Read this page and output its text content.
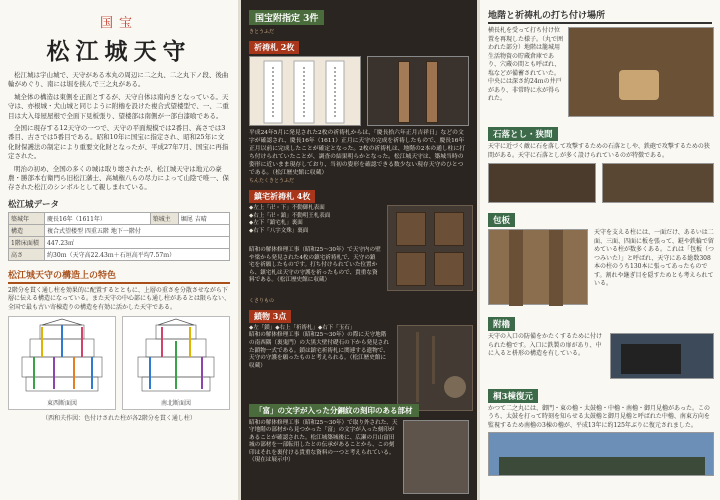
国宝
松江城天守

松江城は宇山城で、天守がある本丸の周辺に二之丸、二之丸下ノ段、後曲輪がめぐり、南には堀を挟んで三之丸がある。

城全体の構造は東側を正面とするが、天守自体は南向きとなっている。天守は、亦根城・犬山城と同じように附櫓を設けた複合式望楼型で、一、二重目は大入母屋屋根で全面下見板張り、望楼部は南側が一部白漆喰である。

全国に現存する12天守の一つで、天守の平面規模では2番目、高さでは3番目、古さでは5番目である。昭和10年に国宝に指定され、昭和25年に文化財保護法の制定により重要文化財となったが、平成27年7月、国宝に再指定された。

明治の初め、全国の多くの城は取り壊されたが、松江城天守は地元の豪農・勝部本右衛門ら旧松江藩士、高城権八らの尽力によって山陰で唯一、保存された松江のシンボルとして親しまれている。

松江城データ
築城年	慶長16年（1611年）	築城主	堀尾 吉晴
構造	複合式望楼型 四重五階 地下一階付		
1階床面積	447.23㎡		
高さ	約30ｍ（天守高22.43ｍ＋石垣高平均7.57ｍ）		
松江城天守の構造上の特色

2階分を貫く通し柱を効果的に配置するとともに、上層の重さを分散させながら下層に伝える構造になっている。また天守の中心部にも通し柱があるとは限らない、全国で最も古い寄棟造りの構造を有効に活かした天守である。

東西断面図	南北断面図
（西和夫作図：色付けされた柱が各2階分を貫く通し柱）
国宝附指定 3件
きとうふだ
祈祷札 2枚

平成24年5月に発見された2枚の祈祷札からは、「慶長拾六年正月吉祥日」などの文字が確認され、慶長16年（1611）正月に天守の完成を祈祷したもので、慶長16年正月以前に完成したことが確定となった。2枚の祈祷札は、地階の2本の通し柱に打ち付けられていたことが、調査の結果明らかとなった。松江城天守は、築城当時の姿形に近いまま現存しており、当初の姿形を確認できる数少ない現存天守のひとつである。（松江歴史館に収蔵）

ちんたくきとうふだ
鎮宅祈祷札 4枚
◆左上「卍・下」不動御札表面
◆右上「卍・鎮」不動明王札表面
◆左下「鎮宅札」裏面
◆右下「八字文殊」裏面

昭和の解体修理工事（昭和25〜30年）で天守内の壁や梁から発見された4枚の鎮宅祈祷札で、天守の鎮宅を祈願したものです。打ち付けられていた位置から、鎮宅札は天守の守護を祈ったもので、貴重な資料である。（松江歴史館に収蔵）

くさりもの
鎖物 3点
◆左「鎖」◆右上「祈祷札」◆右下「玉石」

昭和の解体修理工事（昭和25〜30年）の際に天守地階の南西隅（裏鬼門）の大黒大壁付礎石の下から発見された鎖物一式である。鎖は鎮宅祈祷札に関連する遺物で、天守の守護を願ったものと考えられる。（松江歴史館に収蔵）

「富」の文字が入った分銅紋の刻印のある部材

昭和の解体修理工事（昭和25〜30年）で取り外された、天守地階の部材から見つかった「富」の文字が入った刻印があることが確認された。松江城築城後に、広瀬の月山富田城の部材を一部転用したとの伝承があることから、この刻印はそれを裏付ける貴重な資料の一つと考えられている。（現在は展示中）

地階と祈祷札の打ち付け場所

横長札を受って打ち付け位置を再現した様子。（丸で囲われた部分）地階は籠城用生活物資の貯蔵倉庫であり、穴蔵の間とも呼ばれ、塩などが備蓄されていた。中央には深さ約24ｍの井戸があり、非常時に水が得られた。

石落とし・狭間

天守に近づく敵に石を落して攻撃するための石落としや、鉄砲で攻撃するための狭間がある。天守に石落としが多く設けられているのが特徴である。

包板

天守を支える柱には、一面だけ、あるいは二面、三面、四面に板を張って、鎹や鉄輪で留めている柱が数多くある。これは「包板（つつみいた）」と呼ばれ、天守にある総数308本の柱のうち130本に張ってあったものです。割れや継ぎ目を隠すためとも考えられている。

附櫓

天守の入口の防備をかたくするために付けられた櫓です。入口に鉄製の扉があり、中に入ると枡形の構造を有している。

桐3棟復元

かつて二之丸には、御門・東の櫓・太鼓櫓・中櫓・南櫓・御月見櫓があった。このうち、太鼓を打って時刻を知らせる太鼓櫓と御月見櫓と呼ばれた中櫓、南東方向を監視するため南櫓の3棟の櫓が、平成13年に約125年ぶりに復元されました。
